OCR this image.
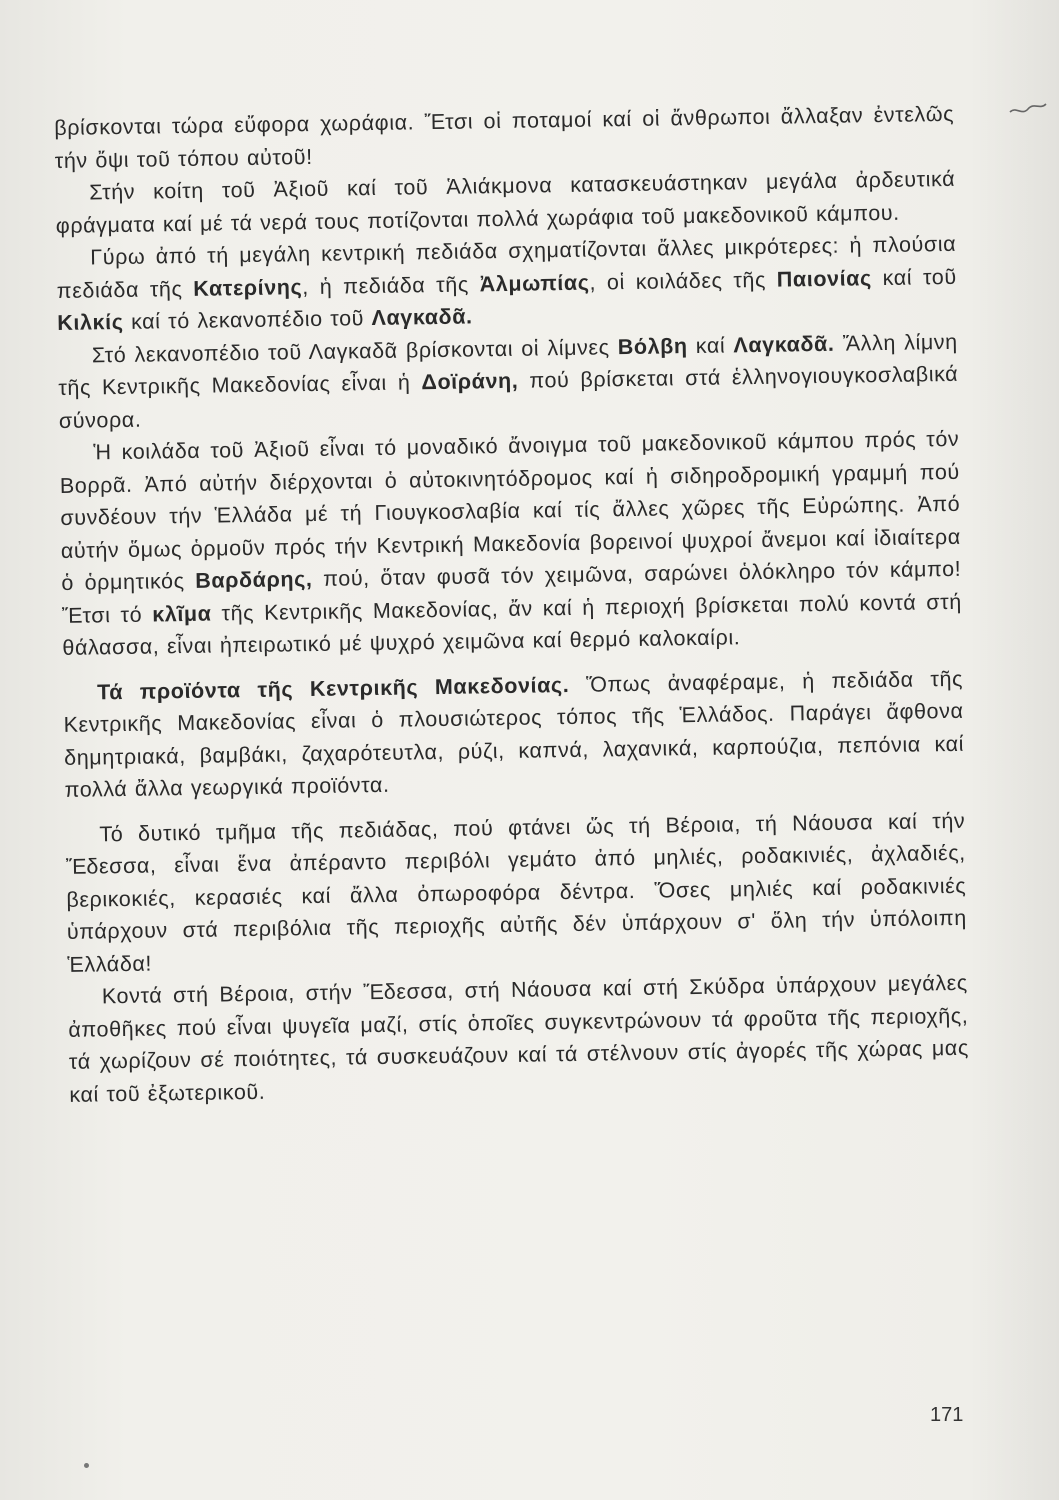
βρίσκονται τώρα εὔφορα χωράφια. Ἔτσι οἱ ποταμοί καί οἱ ἄνθρωποι ἄλλαξαν ἐντελῶς τήν ὄψι τοῦ τόπου αὐτοῦ!

Στήν κοίτη τοῦ Ἀξιοῦ καί τοῦ Ἁλιάκμονα κατασκευάστηκαν μεγάλα ἀρδευτικά φράγματα καί μέ τά νερά τους ποτίζονται πολλά χωράφια τοῦ μακεδονικοῦ κάμπου.

Γύρω ἀπό τή μεγάλη κεντρική πεδιάδα σχηματίζονται ἄλλες μικρότερες: ἡ πλούσια πεδιάδα τῆς Κατερίνης, ἡ πεδιάδα τῆς Ἀλμωπίας, οἱ κοιλάδες τῆς Παιονίας καί τοῦ Κιλκίς καί τό λεκανοπέδιο τοῦ Λαγκαδᾶ.

Στό λεκανοπέδιο τοῦ Λαγκαδᾶ βρίσκονται οἱ λίμνες Βόλβη καί Λαγκαδᾶ. Ἄλλη λίμνη τῆς Κεντρικῆς Μακεδονίας εἶναι ἡ Δοϊράνη, πού βρίσκεται στά ἑλληνογιουγκοσλαβικά σύνορα.

Ἡ κοιλάδα τοῦ Ἀξιοῦ εἶναι τό μοναδικό ἄνοιγμα τοῦ μακεδονικοῦ κάμπου πρός τόν Βορρᾶ. Ἀπό αὐτήν διέρχονται ὁ αὐτοκινητόδρομος καί ἡ σιδηροδρομική γραμμή πού συνδέουν τήν Ἑλλάδα μέ τή Γιουγκοσλαβία καί τίς ἄλλες χῶρες τῆς Εὐρώπης. Ἀπό αὐτήν ὅμως ὁρμοῦν πρός τήν Κεντρική Μακεδονία βορεινοί ψυχροί ἄνεμοι καί ἰδιαίτερα ὁ ὁρμητικός Βαρδάρης, πού, ὅταν φυσᾶ τόν χειμῶνα, σαρώνει ὁλόκληρο τόν κάμπο! Ἔτσι τό κλῖμα τῆς Κεντρικῆς Μακεδονίας, ἄν καί ἡ περιοχή βρίσκεται πολύ κοντά στή θάλασσα, εἶναι ἠπειρωτικό μέ ψυχρό χειμῶνα καί θερμό καλοκαίρι.

Τά προϊόντα τῆς Κεντρικῆς Μακεδονίας. Ὅπως ἀναφέραμε, ἡ πεδιάδα τῆς Κεντρικῆς Μακεδονίας εἶναι ὁ πλουσιώτερος τόπος τῆς Ἑλλάδος. Παράγει ἄφθονα δημητριακά, βαμβάκι, ζαχαρότευτλα, ρύζι, καπνά, λαχανικά, καρπούζια, πεπόνια καί πολλά ἄλλα γεωργικά προϊόντα.

Τό δυτικό τμῆμα τῆς πεδιάδας, πού φτάνει ὥς τή Βέροια, τή Νάουσα καί τήν Ἔδεσσα, εἶναι ἕνα ἀπέραντο περιβόλι γεμάτο ἀπό μηλιές, ροδακινιές, ἀχλαδιές, βερικοκιές, κερασιές καί ἄλλα ὀπωροφόρα δέντρα. Ὅσες μηλιές καί ροδακινιές ὑπάρχουν στά περιβόλια τῆς περιοχῆς αὐτῆς δέν ὑπάρχουν σ' ὅλη τήν ὑπόλοιπη Ἑλλάδα!

Κοντά στή Βέροια, στήν Ἔδεσσα, στή Νάουσα καί στή Σκύδρα ὑπάρχουν μεγάλες ἀποθῆκες πού εἶναι ψυγεῖα μαζί, στίς ὁποῖες συγκεντρώνουν τά φροῦτα τῆς περιοχῆς, τά χωρίζουν σέ ποιότητες, τά συσκευάζουν καί τά στέλνουν στίς ἀγορές τῆς χώρας μας καί τοῦ ἐξωτερικοῦ.

171
